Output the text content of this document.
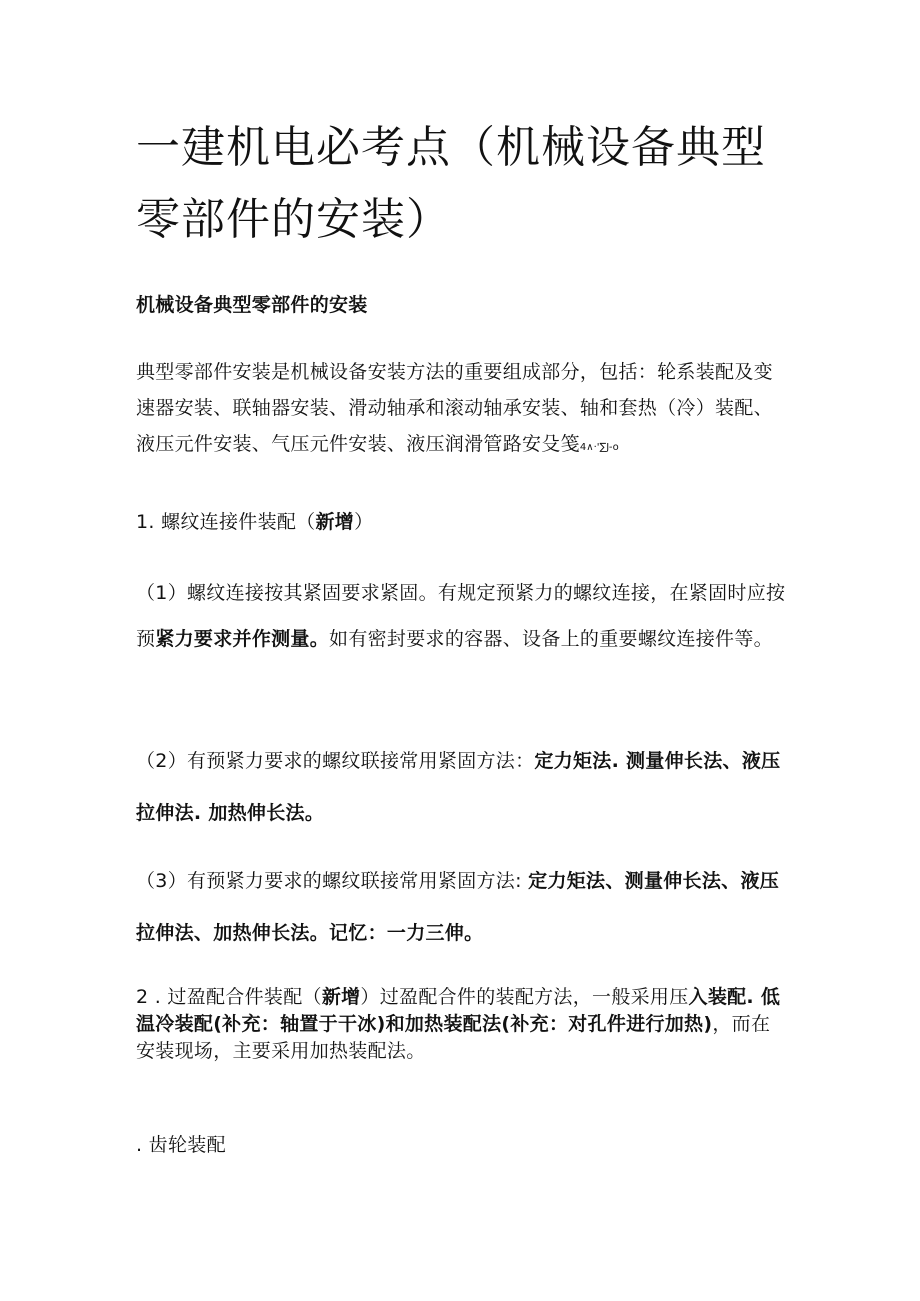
一建机电必考点（机械设备典型零部件的安装）

机械设备典型零部件的安装

典型零部件安装是机械设备安装方法的重要组成部分，包括：轮系装配及变速器安装、联轴器安装、滑动轴承和滚动轴承安装、轴和套热（冷）装配、液压元件安装、气压元件安装、液压润滑管路安殳笺4∧·'∑J-o

1. 螺纹连接件装配（新增）

（1）螺纹连接按其紧固要求紧固。有规定预紧力的螺纹连接，在紧固时应按预紧力要求并作测量。如有密封要求的容器、设备上的重要螺纹连接件等。

（2）有预紧力要求的螺纹联接常用紧固方法：定力矩法. 测量伸长法、液压拉伸法. 加热伸长法。

（3）有预紧力要求的螺纹联接常用紧固方法: 定力矩法、测量伸长法、液压拉伸法、加热伸长法。记忆：一力三伸。

2 . 过盈配合件装配（新增）过盈配合件的装配方法，一般采用压入装配. 低温冷装配(补充：轴置于干冰)和加热装配法(补充：对孔件进行加热)，而在安装现场，主要采用加热装配法。

. 齿轮装配
